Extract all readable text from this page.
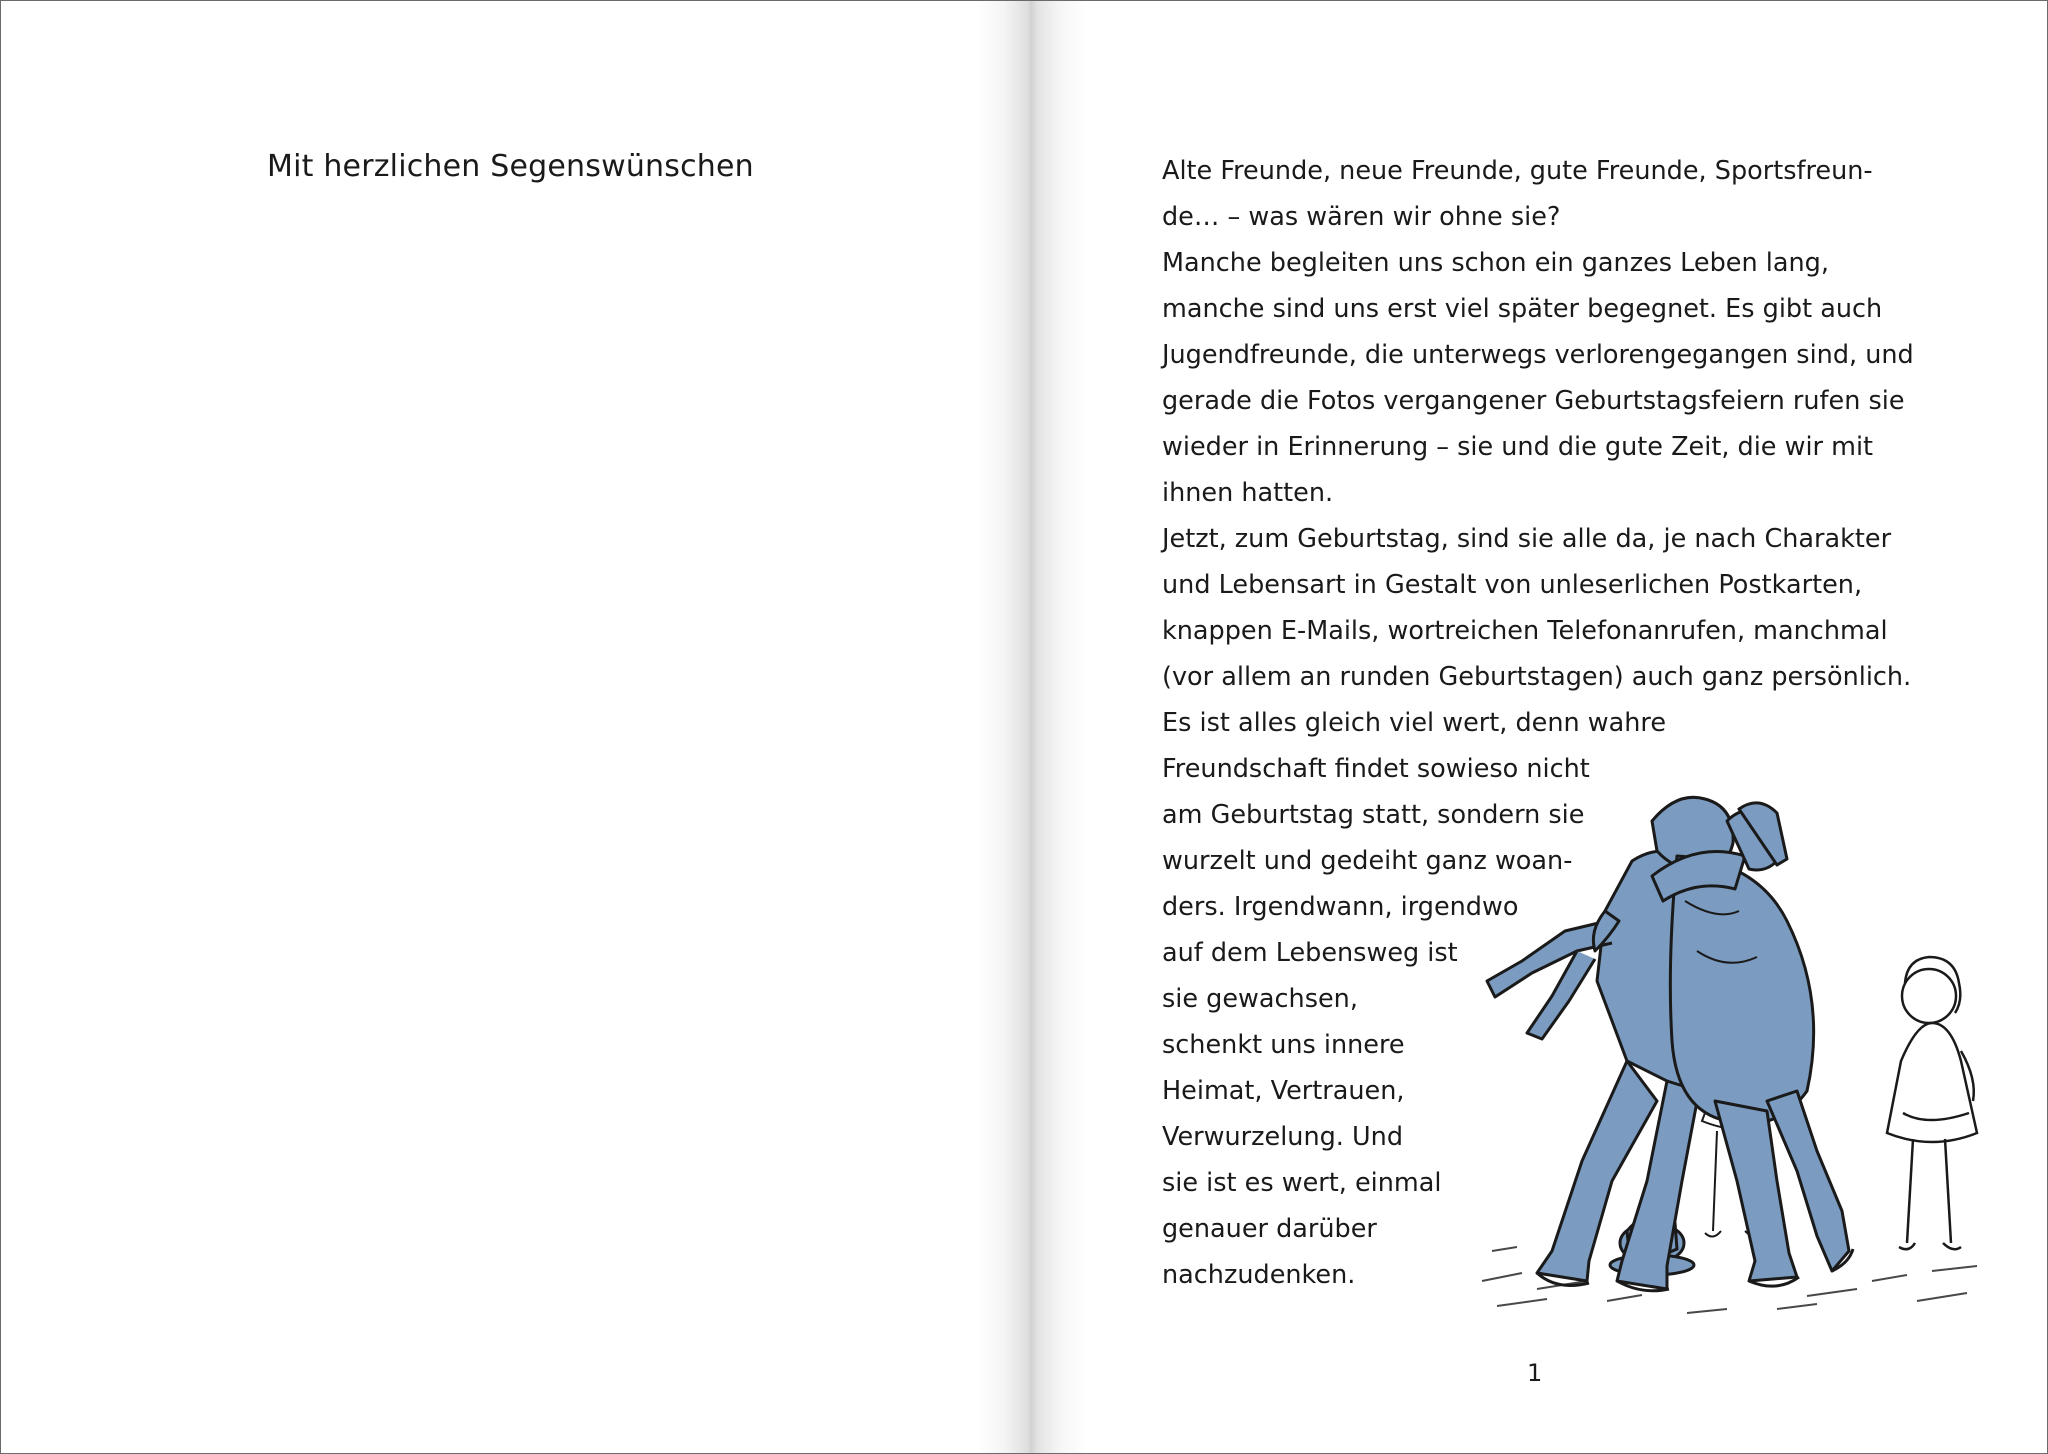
Mit herzlichen Segenswünschen	Alte Freunde, neue Freunde, gute Freunde, Sportsfreun-
de… – was wären wir ohne sie?
Manche begleiten uns schon ein ganzes Leben lang,
manche sind uns erst viel später begegnet. Es gibt auch
Jugendfreunde, die unterwegs verlorengegangen sind, und
gerade die Fotos vergangener Geburtstagsfeiern rufen sie
wieder in Erinnerung – sie und die gute Zeit, die wir mit
ihnen hatten.
Jetzt, zum Geburtstag, sind sie alle da, je nach Charakter
und Lebensart in Gestalt von unleserlichen Postkarten,
knappen E-Mails, wortreichen Telefonanrufen, manchmal
(vor allem an runden Geburtstagen) auch ganz persönlich.
Es ist alles gleich viel wert, denn wahre
Freundschaft findet sowieso nicht
am Geburtstag statt, sondern sie
wurzelt und gedeiht ganz woan-
ders. Irgendwann, irgendwo
auf dem Lebensweg ist
sie gewachsen,
schenkt uns innere
Heimat, Vertrauen,
Verwurzelung. Und
sie ist es wert, einmal
genauer darüber
nachzudenken.
1
